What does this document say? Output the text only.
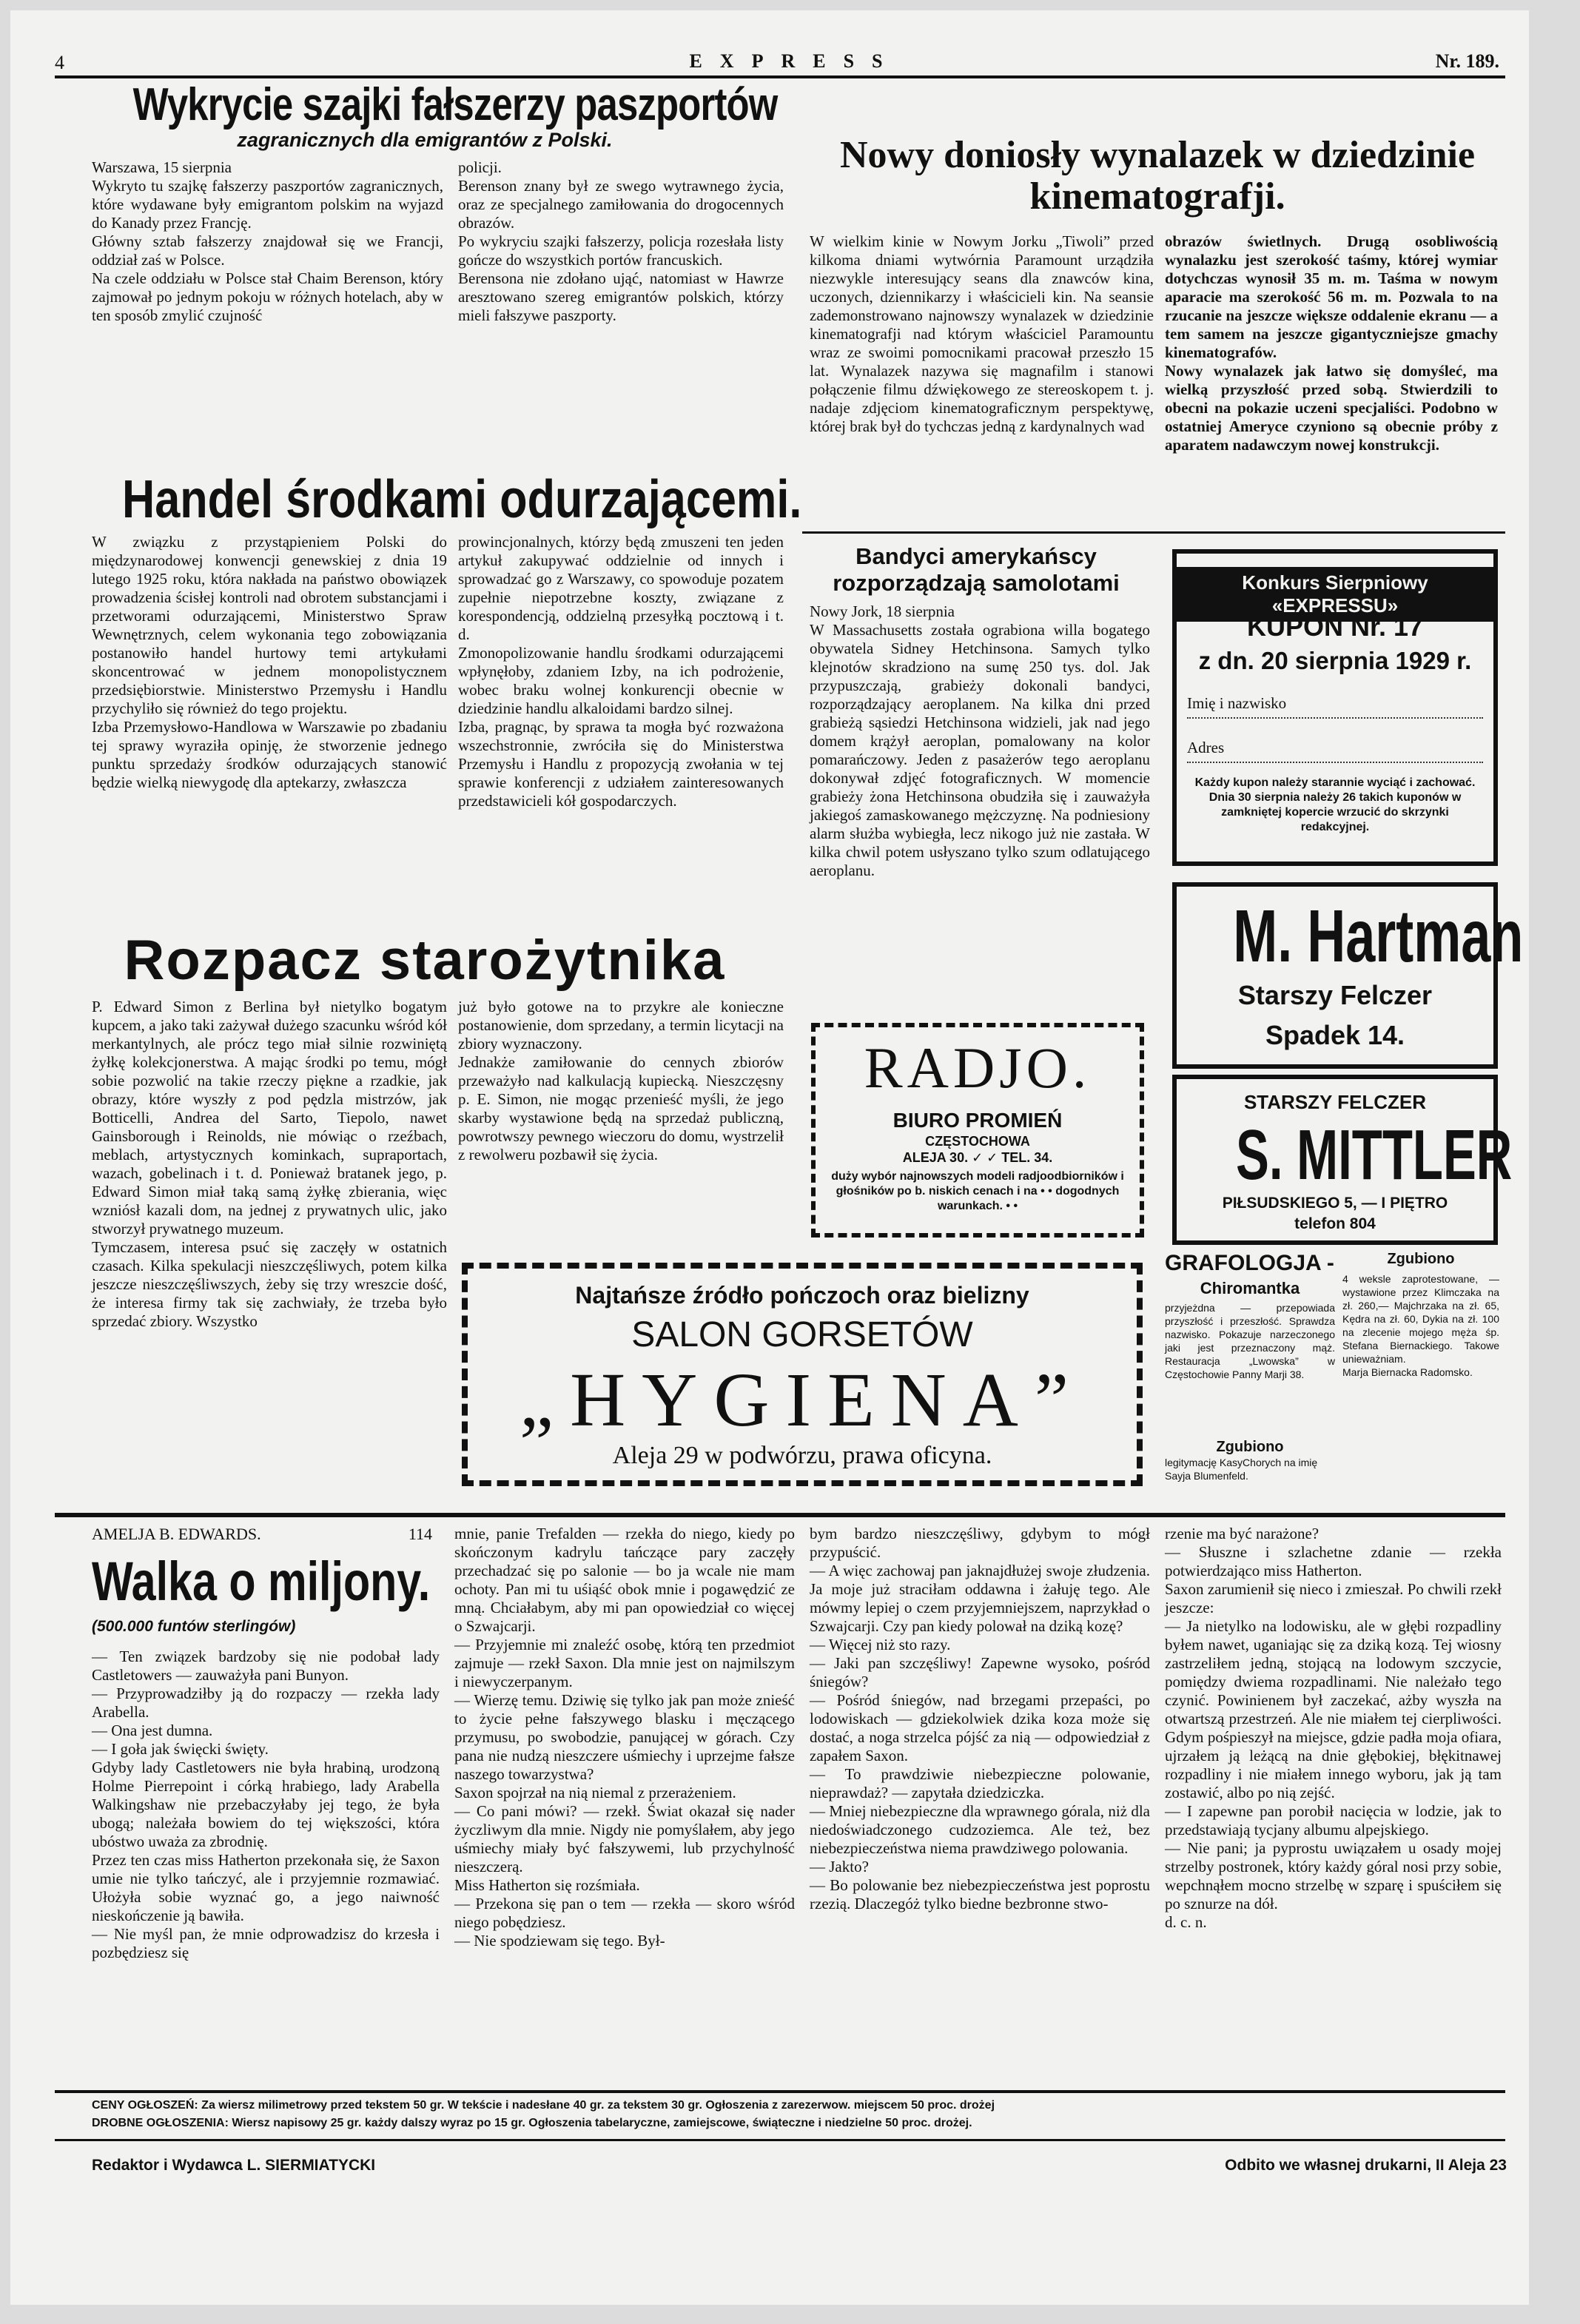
4	EXPRESS	Nr. 189.
Wykrycie szajki fałszerzy paszportów
zagranicznych dla emigrantów z Polski.
Warszawa, 15 sierpnia
Wykryto tu szajkę fałszerzy paszportów zagranicznych, które wydawane były emigrantom polskim na wyjazd do Kanady przez Francję.
Główny sztab fałszerzy znajdował się we Francji, oddział zaś w Polsce.
Na czele oddziału w Polsce stał Chaim Berenson, który zajmował po jednym pokoju w różnych hotelach, aby w ten sposób zmylić czujność
policji.
Berenson znany był ze swego wytrawnego życia, oraz ze specjalnego zamiłowania do drogocennych obrazów.
Po wykryciu szajki fałszerzy, policja rozesłała listy gończe do wszystkich portów francuskich.
Berensona nie zdołano ująć, natomiast w Hawrze aresztowano szereg emigrantów polskich, którzy mieli fałszywe paszporty.
Handel środkami odurzającemi.
W związku z przystąpieniem Polski do międzynarodowej konwencji genewskiej z dnia 19 lutego 1925 roku, która nakłada na państwo obowiązek prowadzenia ścisłej kontroli nad obrotem substancjami i przetworami odurzającemi, Ministerstwo Spraw Wewnętrznych, celem wykonania tego zobowiązania postanowiło handel hurtowy temi artykułami skoncentrować w jednem monopolistycznem przedsiębiorstwie. Ministerstwo Przemysłu i Handlu przychyliło się również do tego projektu.
Izba Przemysłowo-Handlowa w Warszawie po zbadaniu tej sprawy wyraziła opinję, że stworzenie jednego punktu sprzedaży środków odurzających stanowić będzie wielką niewygodę dla aptekarzy, zwłaszcza
prowincjonalnych, którzy będą zmuszeni ten jeden artykuł zakupywać oddzielnie od innych i sprowadzać go z Warszawy, co spowoduje pozatem zupełnie niepotrzebne koszty, związane z korespondencją, oddzielną przesyłką pocztową i t. d.
Zmonopolizowanie handlu środkami odurzającemi wpłynęłoby, zdaniem Izby, na ich podrożenie, wobec braku wolnej konkurencji obecnie w dziedzinie handlu alkaloidami bardzo silnej.
Izba, pragnąc, by sprawa ta mogła być rozważona wszechstronnie, zwróciła się do Ministerstwa Przemysłu i Handlu z propozycją zwołania w tej sprawie konferencji z udziałem zainteresowanych przedstawicieli kół gospodarczych.
Rozpacz starożytnika
P. Edward Simon z Berlina był nietylko bogatym kupcem, a jako taki zażywał dużego szacunku wśród kół merkantylnych, ale prócz tego miał silnie rozwiniętą żyłkę kolekcjonerstwa. A mając środki po temu, mógł sobie pozwolić na takie rzeczy piękne a rzadkie, jak obrazy, które wyszły z pod pędzla mistrzów, jak Botticelli, Andrea del Sarto, Tiepolo, nawet Gainsborough i Reinolds, nie mówiąc o rzeźbach, meblach, artystycznych kominkach, supraportach, wazach, gobelinach i t. d. Ponieważ bratanek jego, p. Edward Simon miał taką samą żyłkę zbierania, więc wzniósł kazali dom, na jednej z prywatnych ulic, jako stworzył prywatnego muzeum.
Tymczasem, interesa psuć się zaczęły w ostatnich czasach. Kilka spekulacji nieszczęśliwych, potem kilka jeszcze nieszczęśliwszych, żeby się trzy wreszcie dość, że interesa firmy tak się zachwiały, że trzeba było sprzedać zbiory. Wszystko
już było gotowe na to przykre ale konieczne postanowienie, dom sprzedany, a termin licytacji na zbiory wyznaczony.
Jednakże zamiłowanie do cennych zbiorów przeważyło nad kalkulacją kupiecką. Nieszczęsny p. E. Simon, nie mogąc przenieść myśli, że jego skarby wystawione będą na sprzedaż publiczną, powrotwszy pewnego wieczoru do domu, wystrzelił z rewolweru pozbawił się życia.
Nowy doniosły wynalazek w dziedzinie kinematografji.
W wielkim kinie w Nowym Jorku „Tiwoli” przed kilkoma dniami wytwórnia Paramount urządziła niezwykle interesujący seans dla znawców kina, uczonych, dziennikarzy i właścicieli kin. Na seansie zademonstrowano najnowszy wynalazek w dziedzinie kinematografji nad którym właściciel Paramountu wraz ze swoimi pomocnikami pracował przeszło 15 lat. Wynalazek nazywa się magnafilm i stanowi połączenie filmu dźwiękowego ze stereoskopem t. j. nadaje zdjęciom kinematograficznym perspektywę, której brak był do tychczas jedną z kardynalnych wad
obrazów świetlnych. Drugą osobliwością wynalazku jest szerokość taśmy, której wymiar dotychczas wynosił 35 m. m. Taśma w nowym aparacie ma szerokość 56 m. m. Pozwala to na rzucanie na jeszcze większe oddalenie ekranu — a tem samem na jeszcze gigantyczniejsze gmachy kinematografów.
Nowy wynalazek jak łatwo się domyśleć, ma wielką przyszłość przed sobą. Stwierdzili to obecni na pokazie uczeni specjaliści. Podobno w ostatniej Ameryce czyniono są obecnie próby z aparatem nadawczym nowej konstrukcji.
Bandyci amerykańscy rozporządzają samolotami
Nowy Jork, 18 sierpnia
W Massachusetts została ograbiona willa bogatego obywatela Sidney Hetchinsona. Samych tylko klejnotów skradziono na sumę 250 tys. dol. Jak przypuszczają, grabieży dokonali bandyci, rozporządzający aeroplanem. Na kilka dni przed grabieżą sąsiedzi Hetchinsona widzieli, jak nad jego domem krążył aeroplan, pomalowany na kolor pomarańczowy. Jeden z pasażerów tego aeroplanu dokonywał zdjęć fotograficznych. W momencie grabieży żona Hetchinsona obudziła się i zauważyła jakiegoś zamaskowanego mężczyznę. Na podniesiony alarm służba wybiegła, lecz nikogo już nie zastała. W kilka chwil potem usłyszano tylko szum odlatującego aeroplanu.
Konkurs Sierpniowy «EXPRESSU»
KUPON Nr. 17
z dn. 20 sierpnia 1929 r.
Imię i nazwisko
Adres
Każdy kupon należy starannie wyciąć i zachować. Dnia 30 sierpnia należy 26 takich kuponów w zamkniętej kopercie wrzucić do skrzynki redakcyjnej.
M. Hartman
Starszy Felczer
Spadek 14.
STARSZY FELCZER
S. MITTLER
PIŁSUDSKIEGO 5, — I PIĘTRO
telefon 804
RADJO.
BIURO PROMIEŃ
CZĘSTOCHOWA
ALEJA 30. ✓ ✓ TEL. 34.
duży wybór najnowszych modeli radjoodbiorników i głośników po b. niskich cenach i na • • dogodnych warunkach. • •
Najtańsze źródło pończoch oraz bielizny
SALON GORSETÓW
„HYGIENA”
Aleja 29 w podwórzu, prawa oficyna.
GRAFOLOGJA -
Chiromantka
przyjeżdna — przepowiada przyszłość i przeszłość. Sprawdza nazwisko. Pokazuje narzeczonego jaki jest przeznaczony mąż. Restauracja „Lwowska” w Częstochowie Panny Marji 38.
Zgubiono
legitymację KasyChorych na imię Sayja Blumenfeld.
Zgubiono
4 weksle zaprotestowane, — wystawione przez Klimczaka na zł. 260,— Majchrzaka na zł. 65, Kędra na zł. 60, Dykia na zł. 100 na zlecenie mojego męża śp. Stefana Biernackiego. Takowe unieważniam.
Marja Biernacka Radomsko.
AMELJA B. EDWARDS.	114
Walka o miljony.
(500.000 funtów sterlingów)
— Ten związek bardzoby się nie podobał lady Castletowers — zauważyła pani Bunyon.
— Przyprowadziłby ją do rozpaczy — rzekła lady Arabella.
— Ona jest dumna.
— I goła jak święcki święty.
Gdyby lady Castletowers nie była hrabiną, urodzoną Holme Pierrepoint i córką hrabiego, lady Arabella Walkingshaw nie przebaczyłaby jej tego, że była ubogą; należała bowiem do tej większości, która ubóstwo uważa za zbrodnię.
Przez ten czas miss Hatherton przekonała się, że Saxon umie nie tylko tańczyć, ale i przyjemnie rozmawiać. Ułożyła sobie wyznać go, a jego naiwność nieskończenie ją bawiła.
— Nie myśl pan, że mnie odprowadzisz do krzesła i pozbędziesz się
mnie, panie Trefalden — rzekła do niego, kiedy po skończonym kadrylu tańczące pary zaczęły przechadzać się po salonie — bo ja wcale nie mam ochoty. Pan mi tu uśiąść obok mnie i pogawędzić ze mną. Chciałabym, aby mi pan opowiedział co więcej o Szwajcarji.
— Przyjemnie mi znaleźć osobę, którą ten przedmiot zajmuje — rzekł Saxon. Dla mnie jest on najmilszym i niewyczerpanym.
— Wierzę temu. Dziwię się tylko jak pan może znieść to życie pełne fałszywego blasku i męczącego przymusu, po swobodzie, panującej w górach. Czy pana nie nudzą nieszczere uśmiechy i uprzejme fałsze naszego towarzystwa?
Saxon spojrzał na nią niemal z przerażeniem.
— Co pani mówi? — rzekł. Świat okazał się nader życzliwym dla mnie. Nigdy nie pomyślałem, aby jego uśmiechy miały być fałszywemi, lub przychylność nieszczerą.
Miss Hatherton się rozśmiała.
— Przekona się pan o tem — rzekła — skoro wśród niego pobędziesz.
— Nie spodziewam się tego. Był-
bym bardzo nieszczęśliwy, gdybym to mógł przypuścić.
— A więc zachowaj pan jaknajdłużej swoje złudzenia. Ja moje już straciłam oddawna i żałuję tego. Ale mówmy lepiej o czem przyjemniejszem, naprzykład o Szwajcarji. Czy pan kiedy polował na dziką kozę?
— Więcej niż sto razy.
— Jaki pan szczęśliwy! Zapewne wysoko, pośród śniegów?
— Pośród śniegów, nad brzegami przepaści, po lodowiskach — gdziekolwiek dzika koza może się dostać, a noga strzelca pójść za nią — odpowiedział z zapałem Saxon.
— To prawdziwie niebezpieczne polowanie, nieprawdaż? — zapytała dziedziczka.
— Mniej niebezpieczne dla wprawnego górala, niż dla niedoświadczonego cudzoziemca. Ale też, bez niebezpieczeństwa niema prawdziwego polowania.
— Jakto?
— Bo polowanie bez niebezpieczeństwa jest poprostu rzezią. Dlaczegóż tylko biedne bezbronne stwo-
rzenie ma być narażone?
— Słuszne i szlachetne zdanie — rzekła potwierdzająco miss Hatherton.
Saxon zarumienił się nieco i zmieszał. Po chwili rzekł jeszcze:
— Ja nietylko na lodowisku, ale w głębi rozpadliny byłem nawet, uganiając się za dziką kozą. Tej wiosny zastrzeliłem jedną, stojącą na lodowym szczycie, pomiędzy dwiema rozpadlinami. Nie należało tego czynić. Powinienem był zaczekać, ażby wyszła na otwartszą przestrzeń. Ale nie miałem tej cierpliwości. Gdym pośpieszył na miejsce, gdzie padła moja ofiara, ujrzałem ją leżącą na dnie głębokiej, błękitnawej rozpadliny i nie miałem innego wyboru, jak ją tam zostawić, albo po nią zejść.
— I zapewne pan porobił nacięcia w lodzie, jak to przedstawiają tycjany albumu alpejskiego.
— Nie pani; ja pyprostu uwiązałem u osady mojej strzelby postronek, który każdy góral nosi przy sobie, wepchnąłem mocno strzelbę w szparę i spuściłem się po sznurze na dół.
d. c. n.
CENY OGŁOSZEŃ: Za wiersz milimetrowy przed tekstem 50 gr. W tekście i nadesłane 40 gr. za tekstem 30 gr. Ogłoszenia z zarezerwow. miejscem 50 proc. drożej
DROBNE OGŁOSZENIA: Wiersz napisowy 25 gr. każdy dalszy wyraz po 15 gr. Ogłoszenia tabelaryczne, zamiejscowe, świąteczne i niedzielne 50 proc. drożej.
Redaktor i Wydawca L. SIERMIATYCKI	Odbito we własnej drukarni, II Aleja 23
